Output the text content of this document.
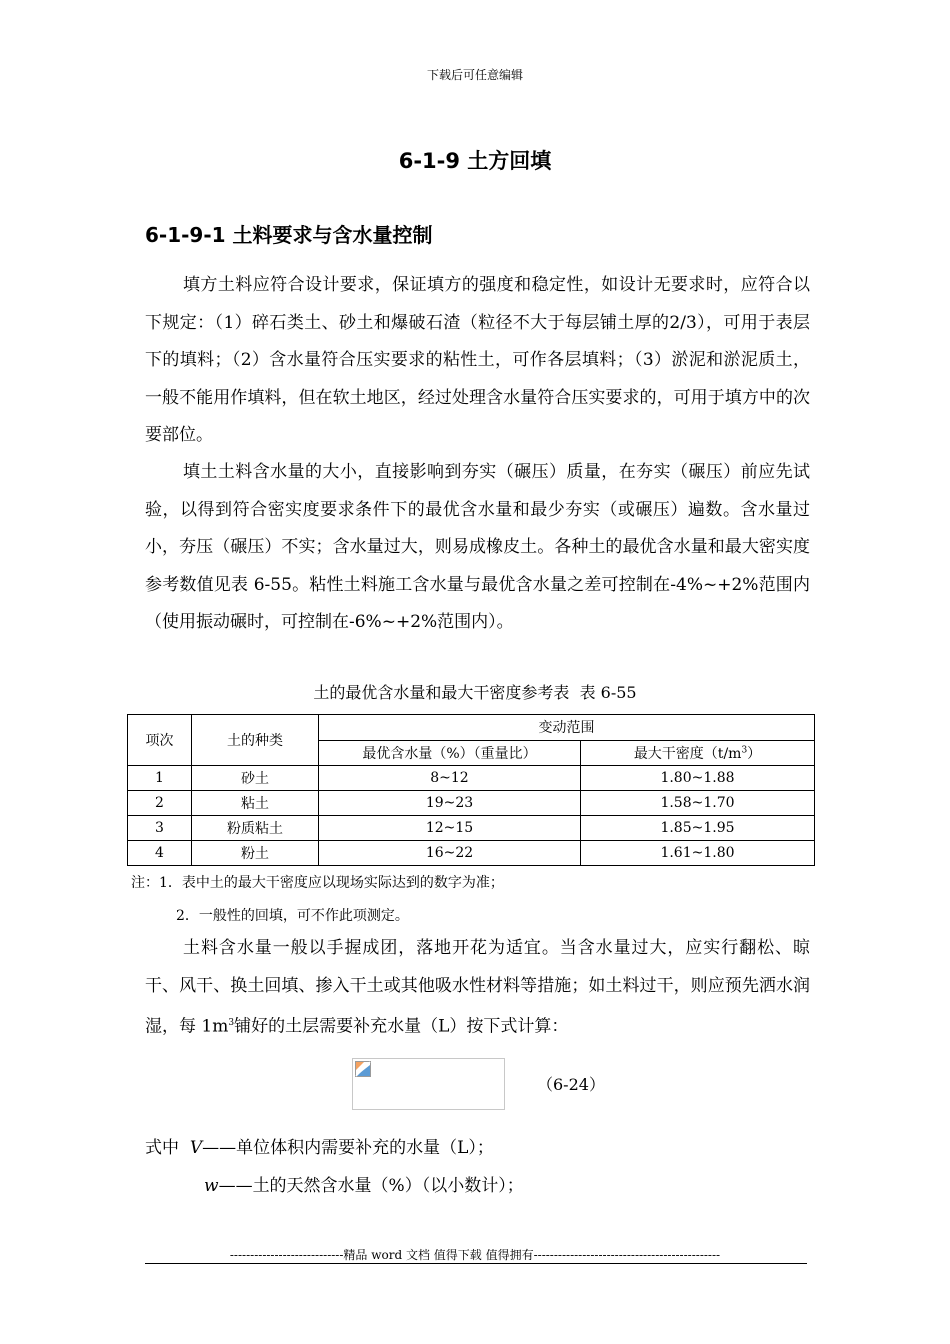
下载后可任意编辑
6-1-9 土方回填
6-1-9-1 土料要求与含水量控制

填方土料应符合设计要求，保证填方的强度和稳定性，如设计无要求时，应符合以下规定：（1）碎石类土、砂土和爆破石渣（粒径不大于每层铺土厚的2/3），可用于表层下的填料；（2）含水量符合压实要求的粘性土，可作各层填料；（3）淤泥和淤泥质土，一般不能用作填料，但在软土地区，经过处理含水量符合压实要求的，可用于填方中的次要部位。

填土土料含水量的大小，直接影响到夯实（碾压）质量，在夯实（碾压）前应先试验，以得到符合密实度要求条件下的最优含水量和最少夯实（或碾压）遍数。含水量过小，夯压（碾压）不实；含水量过大，则易成橡皮土。各种土的最优含水量和最大密实度参考数值见表 6-55。粘性土料施工含水量与最优含水量之差可控制在-4%~+2%范围内（使用振动碾时，可控制在-6%~+2%范围内）。

土的最优含水量和最大干密度参考表 表 6-55
项次	土的种类	变动范围	
		最优含水量（%）（重量比）	最大干密度$(t/m^3)$
1	砂土	8~12	1.80~1.88
2	粘土	19~23	1.58~1.70
3	粉质粘土	12~15	1.85~1.95
4	粉土	16~22	1.61~1.80
注：1．表中土的最大干密度应以现场实际达到的数字为准；
2．一般性的回填，可不作此项测定。

土料含水量一般以手握成团，落地开花为适宜。当含水量过大，应实行翻松、晾干、风干、换土回填、掺入干土或其他吸水性材料等措施；如土料过干，则应预先洒水润湿，每 $1m^3$铺好的土层需要补充水量（L）按下式计算：

（6-24）
式中 V——单位体积内需要补充的水量（L）；
w——土的天然含水量（%）（以小数计）；
----------------------------精品 word 文档 值得下载 值得拥有----------------------------------------------
